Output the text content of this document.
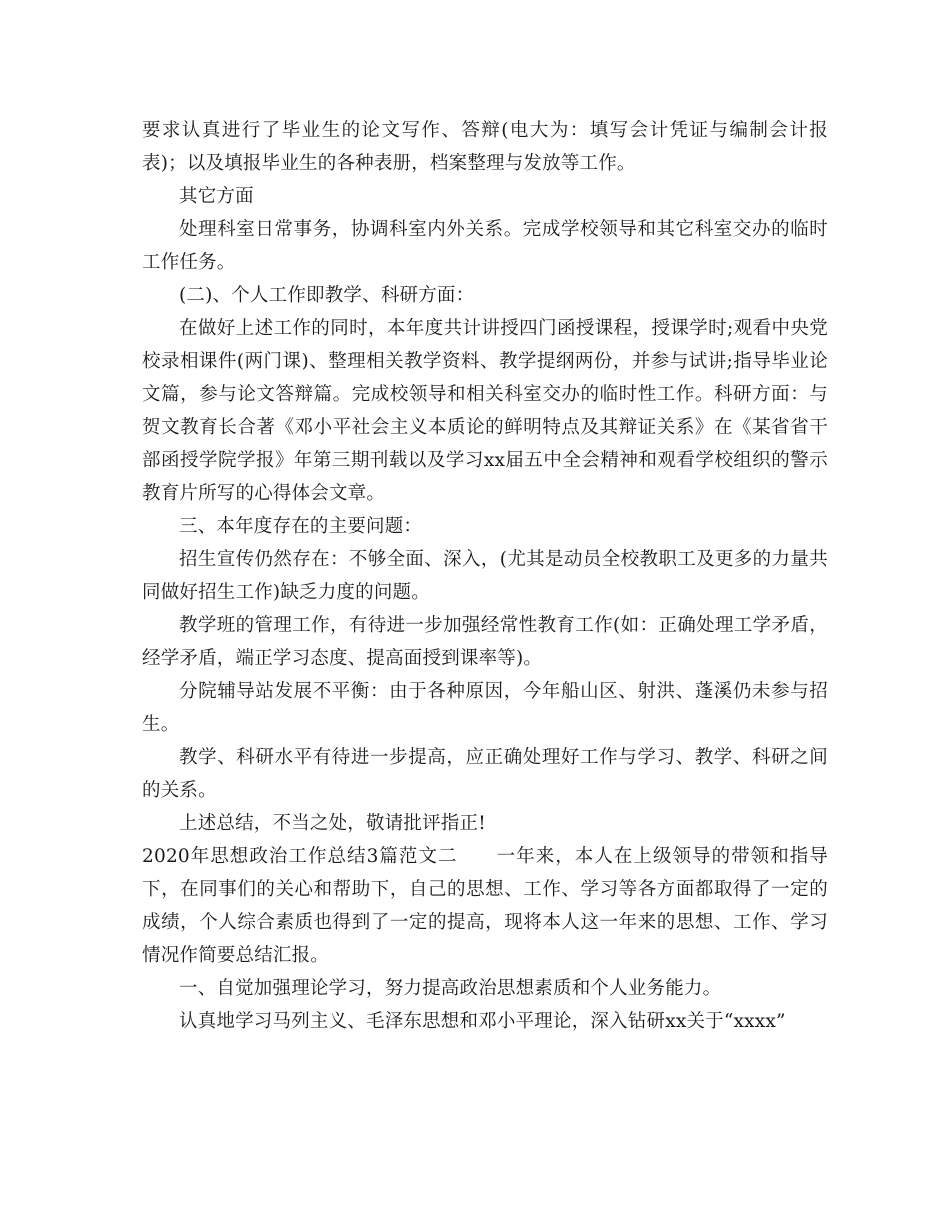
要求认真进行了毕业生的论文写作、答辩(电大为：填写会计凭证与编制会计报表)；以及填报毕业生的各种表册，档案整理与发放等工作。

其它方面

处理科室日常事务，协调科室内外关系。完成学校领导和其它科室交办的临时工作任务。

(二)、个人工作即教学、科研方面：

在做好上述工作的同时，本年度共计讲授四门函授课程，授课学时;观看中央党校录相课件(两门课)、整理相关教学资料、教学提纲两份，并参与试讲;指导毕业论文篇，参与论文答辩篇。完成校领导和相关科室交办的临时性工作。科研方面：与贺文教育长合著《邓小平社会主义本质论的鲜明特点及其辩证关系》在《某省省干部函授学院学报》年第三期刊载以及学习xx届五中全会精神和观看学校组织的警示教育片所写的心得体会文章。

三、本年度存在的主要问题：

招生宣传仍然存在：不够全面、深入，(尤其是动员全校教职工及更多的力量共同做好招生工作)缺乏力度的问题。

教学班的管理工作，有待进一步加强经常性教育工作(如：正确处理工学矛盾，经学矛盾，端正学习态度、提高面授到课率等)。

分院辅导站发展不平衡：由于各种原因，今年船山区、射洪、蓬溪仍未参与招生。

教学、科研水平有待进一步提高，应正确处理好工作与学习、教学、科研之间的关系。

上述总结，不当之处，敬请批评指正!

2020年思想政治工作总结3篇范文二　　一年来，本人在上级领导的带领和指导下，在同事们的关心和帮助下，自己的思想、工作、学习等各方面都取得了一定的成绩，个人综合素质也得到了一定的提高，现将本人这一年来的思想、工作、学习情况作简要总结汇报。

一、自觉加强理论学习，努力提高政治思想素质和个人业务能力。

认真地学习马列主义、毛泽东思想和邓小平理论，深入钻研xx关于“xxxx”
